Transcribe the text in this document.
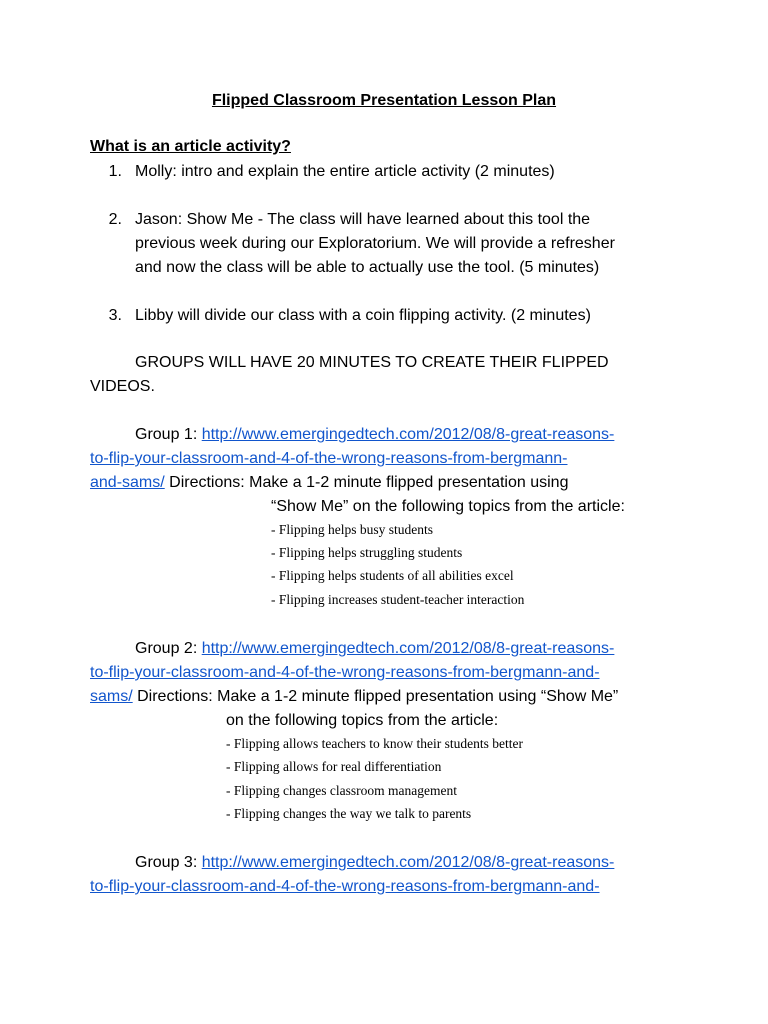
Flipped Classroom Presentation Lesson Plan
What is an article activity?
1. Molly: intro and explain the entire article activity (2 minutes)
2. Jason: Show Me - The class will have learned about this tool the
previous week during our Exploratorium. We will provide a refresher
and now the class will be able to actually use the tool. (5 minutes)
3. Libby will divide our class with a coin flipping activity. (2 minutes)
GROUPS WILL HAVE 20 MINUTES TO CREATE THEIR FLIPPED
VIDEOS.
Group 1: http://www.emergingedtech.com/2012/08/8-great-reasons-
to-flip-your-classroom-and-4-of-the-wrong-reasons-from-bergmann-
and-sams/ Directions: Make a 1-2 minute flipped presentation using
“Show Me” on the following topics from the article:
- Flipping helps busy students
- Flipping helps struggling students
- Flipping helps students of all abilities excel
- Flipping increases student-teacher interaction
Group 2: http://www.emergingedtech.com/2012/08/8-great-reasons-
to-flip-your-classroom-and-4-of-the-wrong-reasons-from-bergmann-and-
sams/ Directions: Make a 1-2 minute flipped presentation using “Show Me”
on the following topics from the article:
- Flipping allows teachers to know their students better
- Flipping allows for real differentiation
- Flipping changes classroom management
- Flipping changes the way we talk to parents
Group 3: http://www.emergingedtech.com/2012/08/8-great-reasons-
to-flip-your-classroom-and-4-of-the-wrong-reasons-from-bergmann-and-
